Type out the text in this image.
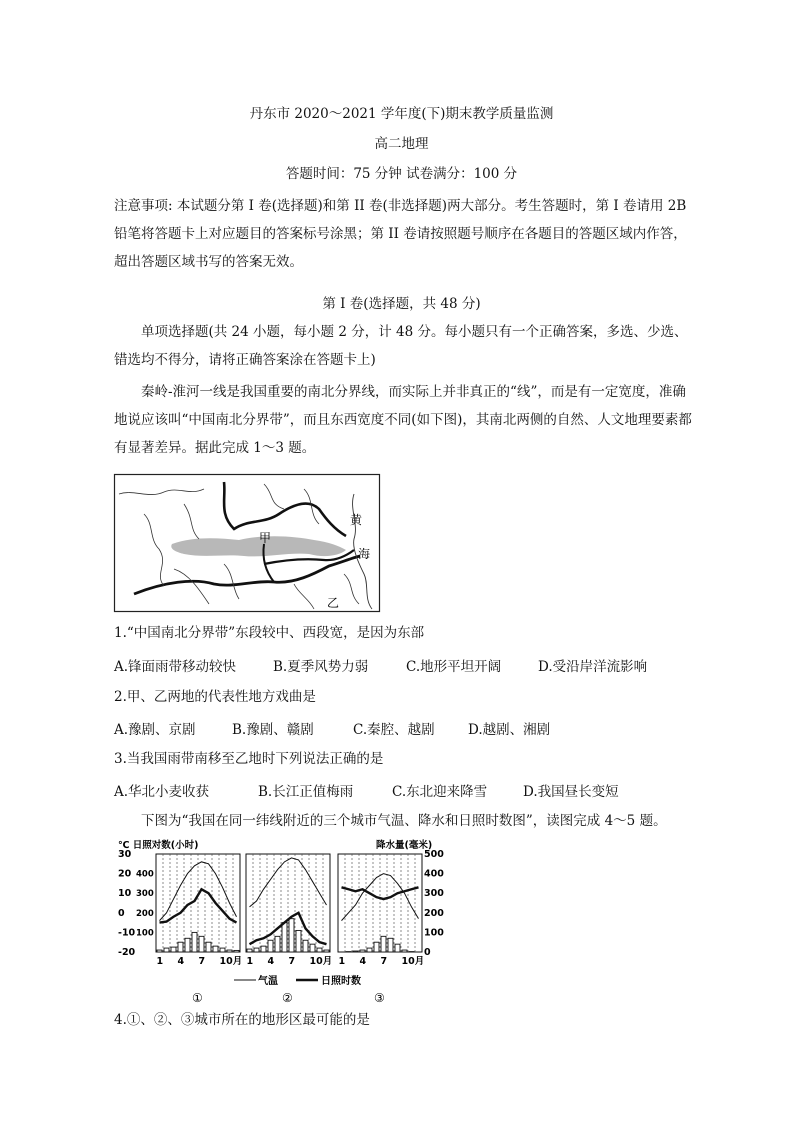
丹东市 2020～2021 学年度(下)期末教学质量监测
高二地理
答题时间：75 分钟 试卷满分：100 分
注意事项: 本试题分第 I 卷(选择题)和第 II 卷(非选择题)两大部分。考生答题时，第 I 卷请用 2B 铅笔将答题卡上对应题目的答案标号涂黑；第 II 卷请按照题号顺序在各题目的答题区域内作答，超出答题区域书写的答案无效。
第 I 卷(选择题，共 48 分)
单项选择题(共 24 小题，每小题 2 分，计 48 分。每小题只有一个正确答案，多选、少选、错选均不得分，请将正确答案涂在答题卡上)
秦岭-淮河一线是我国重要的南北分界线，而实际上并非真正的“线”，而是有一定宽度，准确地说应该叫“中国南北分界带”，而且东西宽度不同(如下图)，其南北两侧的自然、人文地理要素都有显著差异。据此完成 1～3 题。
甲
乙
黄
海
1.“中国南北分界带”东段较中、西段宽，是因为东部
A.锋面雨带移动较快	B.夏季风势力弱	C.地形平坦开阔	D.受沿岸洋流影响
2.甲、乙两地的代表性地方戏曲是
A.豫剧、京剧	B.豫剧、赣剧	C.秦腔、越剧 D.越剧、湘剧
3.当我国雨带南移至乙地时下列说法正确的是
A.华北小麦收获	B.长江正值梅雨	C.东北迎来降雪	D.我国昼长变短
下图为“我国在同一纬线附近的三个城市气温、降水和日照时数图”，读图完成 4～5 题。
℃ 日照对数(小时)	降水量(毫米)
30
20
10
0
-10
-20
400
300
200
100
500
400
300
200
100
0
1 4 7 10月
①
1 4 7 10月
②
1 4 7 10月
③
气温	日照时数
4.①、②、③城市所在的地形区最可能的是
